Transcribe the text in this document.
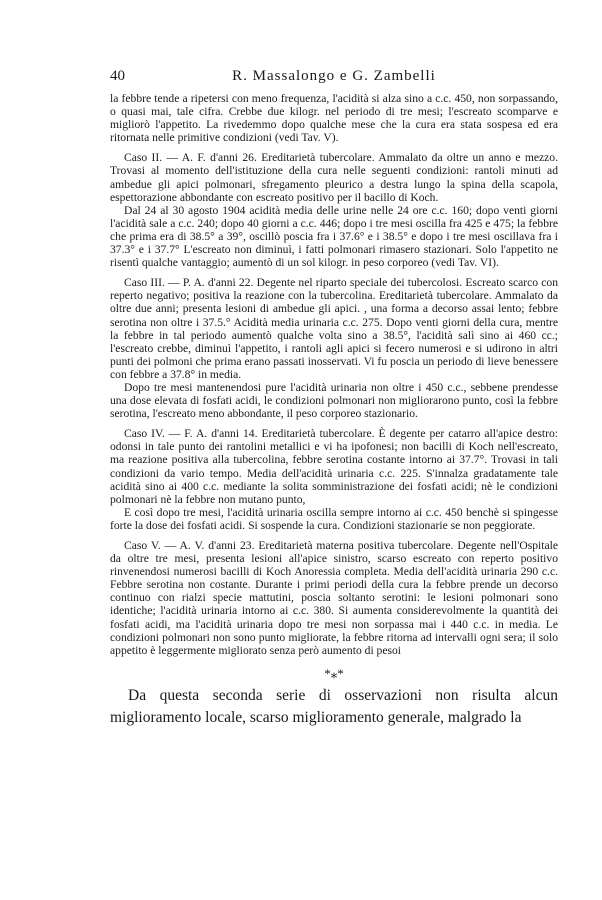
40	R. Massalongo e G. Zambelli

la febbre tende a ripetersi con meno frequenza, l'acidità si alza sino a c.c. 450, non sorpassando, o quasi mai, tale cifra. Crebbe due kilogr. nel periodo di tre mesi; l'escreato scomparve e migliorò l'appetito. La rivedemmo dopo qualche mese che la cura era stata sospesa ed era ritornata nelle primitive condizioni (vedi Tav. V).

Caso II. — A. F. d'anni 26. Ereditarietà tubercolare. Ammalato da oltre un anno e mezzo. Trovasi al momento dell'istituzione della cura nelle seguenti condizioni: rantoli minuti ad ambedue gli apici polmonari, sfregamento pleurico a destra lungo la spina della scapola, espettorazione abbondante con escreato positivo per il bacillo di Koch.

Dal 24 al 30 agosto 1904 acidità media delle urine nelle 24 ore c.c. 160; dopo venti giorni l'acidità sale a c.c. 240; dopo 40 giorni a c.c. 446; dopo i tre mesi oscilla fra 425 e 475; la febbre che prima era di 38.5° a 39°, oscillò poscia fra i 37.6° e i 38.5° e dopo i tre mesi oscillava fra i 37.3° e i 37.7° L'escreato non diminuì, i fatti polmonari rimasero stazionari. Solo l'appetito ne risentì qualche vantaggio; aumentò di un sol kilogr. in peso corporeo (vedi Tav. VI).

Caso III. — P. A. d'anni 22. Degente nel riparto speciale dei tubercolosi. Escreato scarco con reperto negativo; positiva la reazione con la tubercolina. Ereditarietà tubercolare. Ammalato da oltre due anni; presenta lesioni di ambedue gli apici. , una forma a decorso assai lento; febbre serotina non oltre i 37.5.° Acidità media urinaria c.c. 275. Dopo venti giorni della cura, mentre la febbre in tal periodo aumentò qualche volta sino a 38.5°, l'acidità salì sino ai 460 cc.; l'escreato crebbe, diminuì l'appetito, i rantoli agli apici si fecero numerosi e si udirono in altri punti dei polmoni che prima erano passati inosservati. Vi fu poscia un periodo di lieve benessere con febbre a 37.8° in media.

Dopo tre mesi mantenendosi pure l'acidità urinaria non oltre i 450 c.c., sebbene prendesse una dose elevata di fosfati acidi, le condizioni polmonari non migliorarono punto, così la febbre serotina, l'escreato meno abbondante, il peso corporeo stazionario.

Caso IV. — F. A. d'anni 14. Ereditarietà tubercolare. È degente per catarro all'apice destro: odonsi in tale punto dei rantolini metallici e vi ha ipofonesi; non bacilli di Koch nell'escreato, ma reazione positiva alla tubercolina, febbre serotina costante intorno ai 37.7°. Trovasi in tali condizioni da vario tempo. Media dell'acidità urinaria c.c. 225. S'innalza gradatamente tale acidità sino ai 400 c.c. mediante la solita somministrazione dei fosfati acidi; nè le condizioni polmonari nè la febbre non mutano punto,

E così dopo tre mesi, l'acidità urinaria oscilla sempre intorno ai c.c. 450 benchè si spingesse forte la dose dei fosfati acidi. Si sospende la cura. Condizioni stazionarie se non peggiorate.

Caso V. — A. V. d'anni 23. Ereditarietà materna positiva tubercolare. Degente nell'Ospitale da oltre tre mesi, presenta lesioni all'apice sinistro, scarso escreato con reperto positivo rinvenendosi numerosi bacilli di Koch Anoressia completa. Media dell'acidità urinaria 290 c.c. Febbre serotina non costante. Durante i primi periodi della cura la febbre prende un decorso continuo con rialzi specie mattutini, poscia soltanto serotini: le lesioni polmonari sono identiche; l'acidità urinaria intorno ai c.c. 380. Si aumenta considerevolmente la quantità dei fosfati acidi, ma l'acidità urinaria dopo tre mesi non sorpassa mai i 440 c.c. in media. Le condizioni polmonari non sono punto migliorate, la febbre ritorna ad intervalli ogni sera; il solo appetito è leggermente migliorato senza però aumento di pesoi

*⁎*

Da questa seconda serie di osservazioni non risulta alcun miglioramento locale, scarso miglioramento generale, malgrado la
